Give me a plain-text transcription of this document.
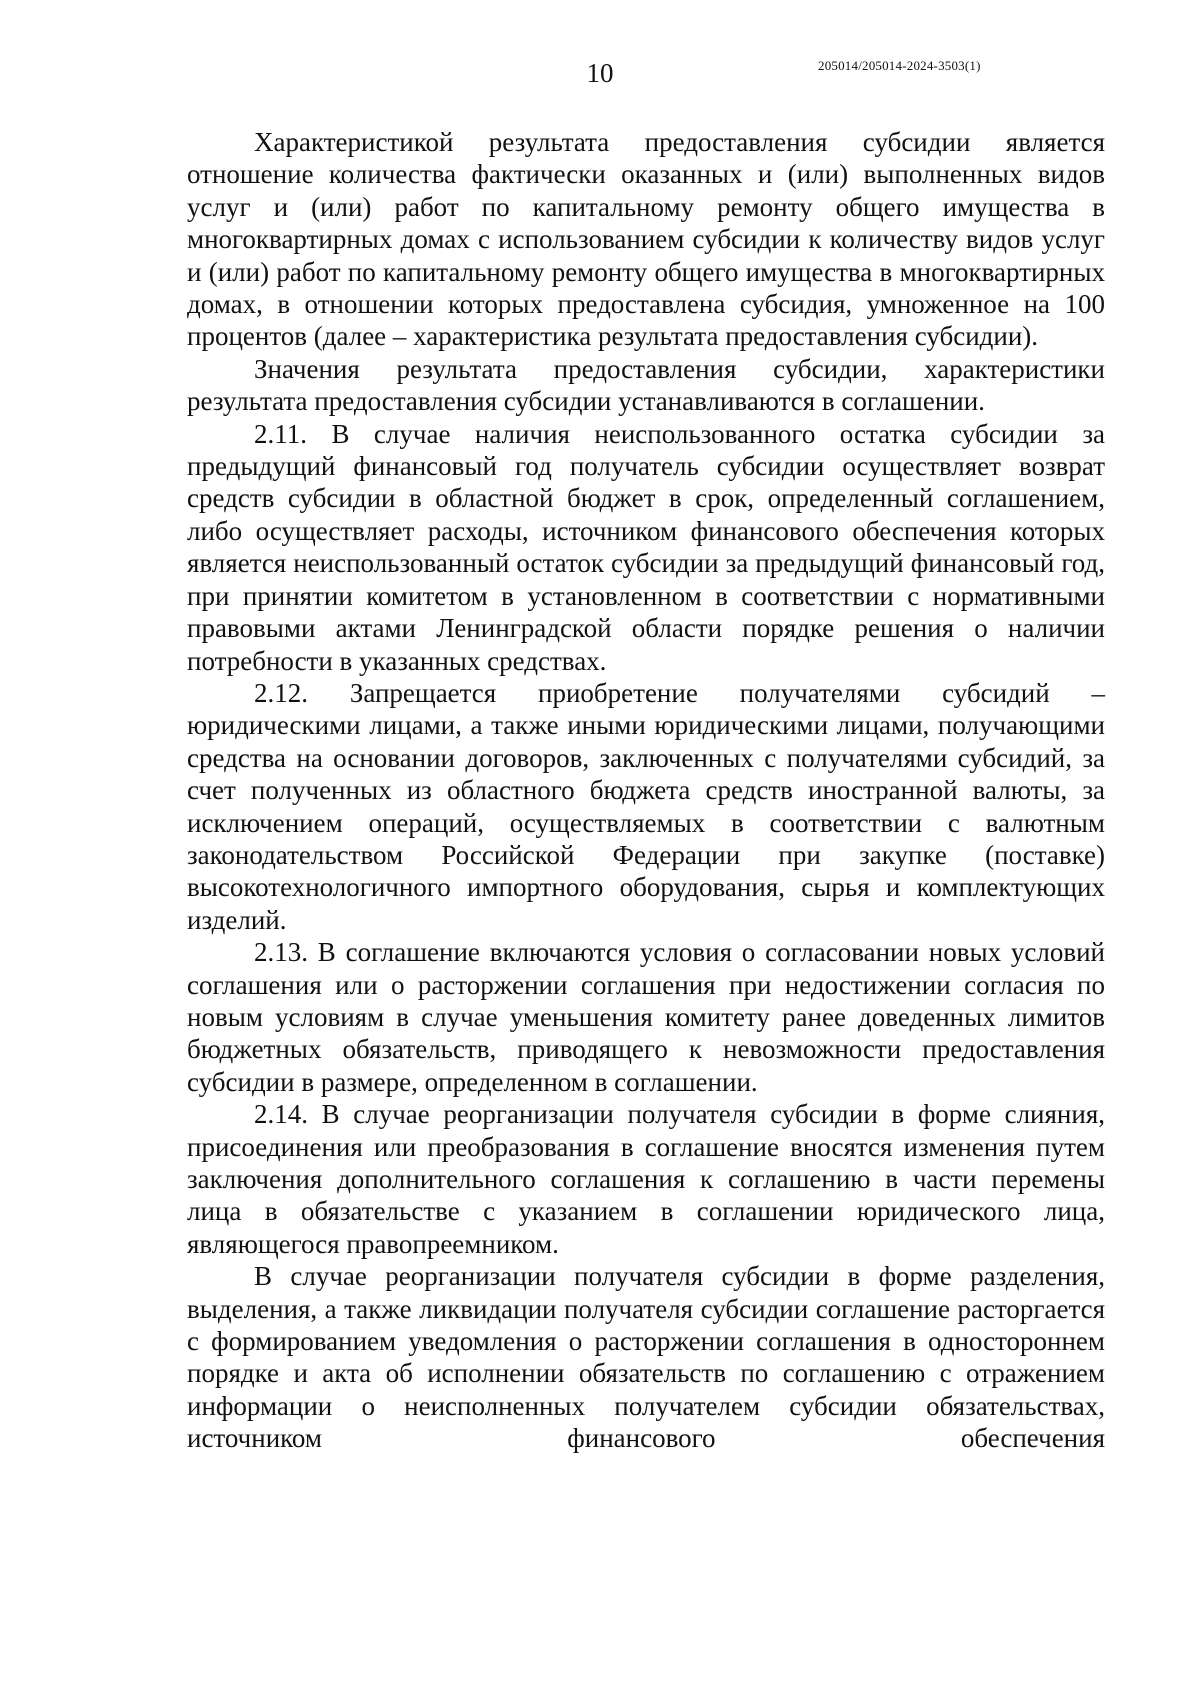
10	205014/205014-2024-3503(1)

Характеристикой результата предоставления субсидии является отношение количества фактически оказанных и (или) выполненных видов услуг и (или) работ по капитальному ремонту общего имущества в многоквартирных домах с использованием субсидии к количеству видов услуг и (или) работ по капитальному ремонту общего имущества в многоквартирных домах, в отношении которых предоставлена субсидия, умноженное на 100 процентов (далее – характеристика результата предоставления субсидии).

Значения результата предоставления субсидии, характеристики результата предоставления субсидии устанавливаются в соглашении.

2.11. В случае наличия неиспользованного остатка субсидии за предыдущий финансовый год получатель субсидии осуществляет возврат средств субсидии в областной бюджет в срок, определенный соглашением, либо осуществляет расходы, источником финансового обеспечения которых является неиспользованный остаток субсидии за предыдущий финансовый год, при принятии комитетом в установленном в соответствии с нормативными правовыми актами Ленинградской области порядке решения о наличии потребности в указанных средствах.

2.12. Запрещается приобретение получателями субсидий – юридическими лицами, а также иными юридическими лицами, получающими средства на основании договоров, заключенных с получателями субсидий, за счет полученных из областного бюджета средств иностранной валюты, за исключением операций, осуществляемых в соответствии с валютным законодательством Российской Федерации при закупке (поставке) высокотехнологичного импортного оборудования, сырья и комплектующих изделий.

2.13. В соглашение включаются условия о согласовании новых условий соглашения или о расторжении соглашения при недостижении согласия по новым условиям в случае уменьшения комитету ранее доведенных лимитов бюджетных обязательств, приводящего к невозможности предоставления субсидии в размере, определенном в соглашении.

2.14. В случае реорганизации получателя субсидии в форме слияния, присоединения или преобразования в соглашение вносятся изменения путем заключения дополнительного соглашения к соглашению в части перемены лица в обязательстве с указанием в соглашении юридического лица, являющегося правопреемником.

В случае реорганизации получателя субсидии в форме разделения, выделения, а также ликвидации получателя субсидии соглашение расторгается с формированием уведомления о расторжении соглашения в одностороннем порядке и акта об исполнении обязательств по соглашению с отражением информации о неисполненных получателем субсидии обязательствах, источником финансового обеспечения
